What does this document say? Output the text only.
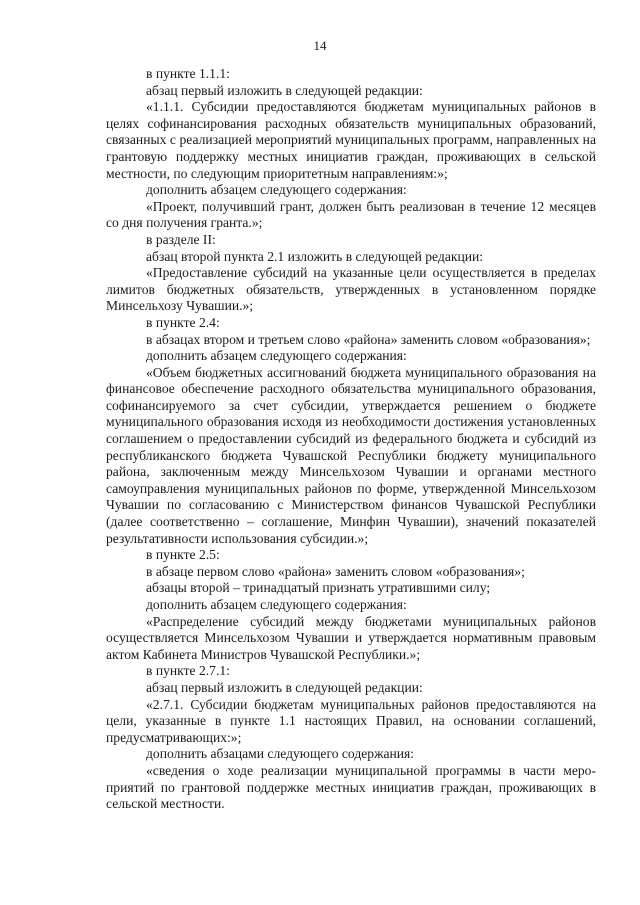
14

в пункте 1.1.1:

абзац первый изложить в следующей редакции:

«1.1.1. Субсидии предоставляются бюджетам муниципальных районов в целях софинансирования расходных обязательств муниципальных образований, связанных с реализацией мероприятий муниципальных программ, направленных на грантовую поддержку местных инициатив граждан, проживающих в сельской местности, по следующим приоритетным направлениям:»;

дополнить абзацем следующего содержания:

«Проект, получивший грант, должен быть реализован в течение 12 месяцев со дня получения гранта.»;

в разделе II:

абзац второй пункта 2.1 изложить в следующей редакции:

«Предоставление субсидий на указанные цели осуществляется в пределах лимитов бюджетных обязательств, утвержденных в установленном порядке Минсельхозу Чувашии.»;

в пункте 2.4:

в абзацах втором и третьем слово «района» заменить словом «образования»;

дополнить абзацем следующего содержания:

«Объем бюджетных ассигнований бюджета муниципального образования на финансовое обеспечение расходного обязательства муниципального образования, софинансируемого за счет субсидии, утверждается решением о бюджете муниципального образования исходя из необходимости достижения установленных соглашением о предоставлении субсидий из федерального бюджета и субсидий из республиканского бюджета Чувашской Республики бюджету муниципального района, заключенным между Минсельхозом Чувашии и органами местного самоуправления муниципальных районов по форме, утвержденной Минсельхозом Чувашии по согласованию с Министерством финансов Чувашской Республики (далее соответственно – соглашение, Минфин Чувашии), значений показателей результативности использования субсидии.»;

в пункте 2.5:

в абзаце первом слово «района» заменить словом «образования»;

абзацы второй – тринадцатый признать утратившими силу;

дополнить абзацем следующего содержания:

«Распределение субсидий между бюджетами муниципальных районов осуществляется Минсельхозом Чувашии и утверждается нормативным правовым актом Кабинета Министров Чувашской Республики.»;

в пункте 2.7.1:

абзац первый изложить в следующей редакции:

«2.7.1. Субсидии бюджетам муниципальных районов предоставляются на цели, указанные в пункте 1.1 настоящих Правил, на основании соглашений, предусматривающих:»;

дополнить абзацами следующего содержания:

«сведения о ходе реализации муниципальной программы в части мероприятий по грантовой поддержке местных инициатив граждан, проживающих в сельской местности.
